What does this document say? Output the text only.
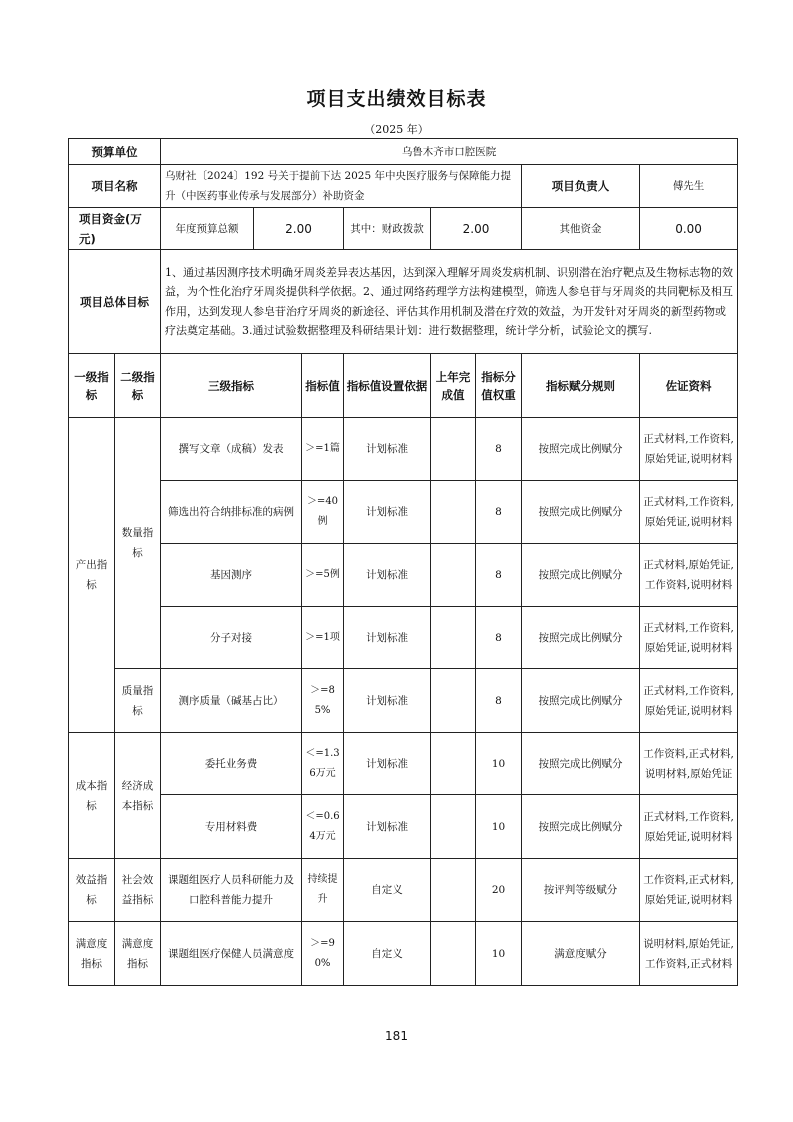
项目支出绩效目标表
（2025 年）
预算单位		乌鲁木齐市口腔医院							
项目名称		乌财社〔2024〕192 号关于提前下达 2025 年中央医疗服务与保障能力提升（中医药事业传承与发展部分）补助资金						项目负责人	傅先生
项目资金(万元)		年度预算总额	2.00		其中：财政拨款	2.00		其他资金	0.00
项目总体目标		1、通过基因测序技术明确牙周炎差异表达基因，达到深入理解牙周炎发病机制、识别潜在治疗靶点及生物标志物的效益，为个性化治疗牙周炎提供科学依据。2、通过网络药理学方法构建模型，筛选人参皂苷与牙周炎的共同靶标及相互作用，达到发现人参皂苷治疗牙周炎的新途径、评估其作用机制及潜在疗效的效益，为开发针对牙周炎的新型药物或疗法奠定基础。3.通过试验数据整理及科研结果计划：进行数据整理，统计学分析，试验论文的撰写.							
一级指标	二级指标	三级指标		指标值	指标值设置依据	上年完成值	指标分值权重	指标赋分规则	佐证资料
产出指标	数量指标	撰写文章（成稿）发表		＞=1篇	计划标准		8	按照完成比例赋分	正式材料,工作资料,原始凭证,说明材料
		筛选出符合纳排标准的病例		＞=40例	计划标准		8	按照完成比例赋分	正式材料,工作资料,原始凭证,说明材料
		基因测序		＞=5例	计划标准		8	按照完成比例赋分	正式材料,原始凭证,工作资料,说明材料
		分子对接		＞=1项	计划标准		8	按照完成比例赋分	正式材料,工作资料,原始凭证,说明材料
	质量指标	测序质量（碱基占比）		＞=85%	计划标准		8	按照完成比例赋分	正式材料,工作资料,原始凭证,说明材料
成本指标	经济成本指标	委托业务费		＜=1.36万元	计划标准		10	按照完成比例赋分	工作资料,正式材料,说明材料,原始凭证
		专用材料费		＜=0.64万元	计划标准		10	按照完成比例赋分	正式材料,工作资料,原始凭证,说明材料
效益指标	社会效益指标	课题组医疗人员科研能力及口腔科普能力提升		持续提升	自定义		20	按评判等级赋分	工作资料,正式材料,原始凭证,说明材料
满意度指标	满意度指标	课题组医疗保健人员满意度		＞=90%	自定义		10	满意度赋分	说明材料,原始凭证,工作资料,正式材料
181
